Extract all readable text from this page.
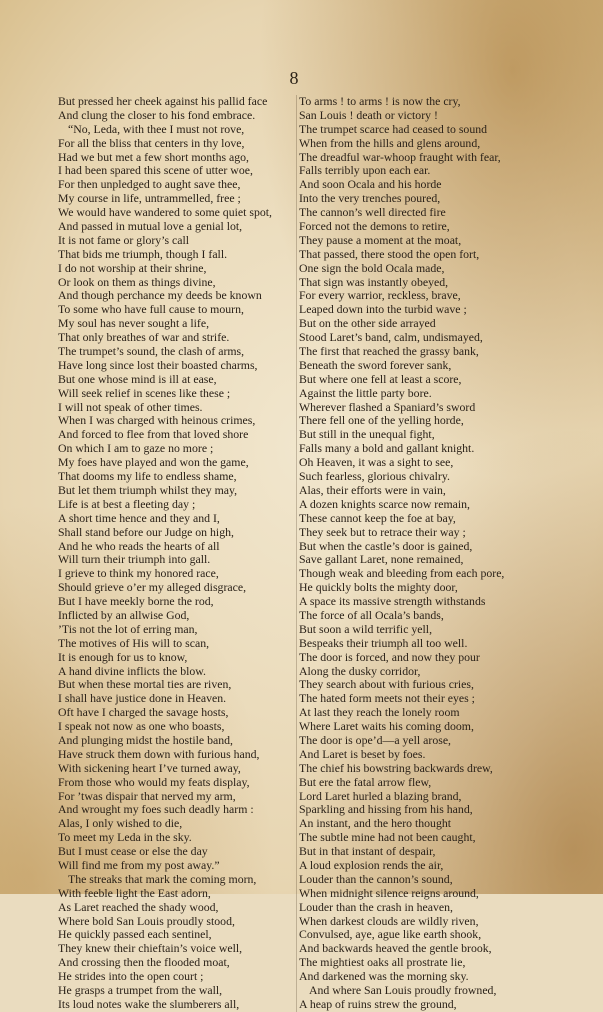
8
But pressed her cheek against his pallid face
And clung the closer to his fond embrace.
“No, Leda, with thee I must not rove,
For all the bliss that centers in thy love,
Had we but met a few short months ago,
I had been spared this scene of utter woe,
For then unpledged to aught save thee,
My course in life, untrammelled, free ;
We would have wandered to some quiet spot,
And passed in mutual love a genial lot,
It is not fame or glory’s call
That bids me triumph, though I fall.
I do not worship at their shrine,
Or look on them as things divine,
And though perchance my deeds be known
To some who have full cause to mourn,
My soul has never sought a life,
That only breathes of war and strife.
The trumpet’s sound, the clash of arms,
Have long since lost their boasted charms,
But one whose mind is ill at ease,
Will seek relief in scenes like these ;
I will not speak of other times.
When I was charged with heinous crimes,
And forced to flee from that loved shore
On which I am to gaze no more ;
My foes have played and won the game,
That dooms my life to endless shame,
But let them triumph whilst they may,
Life is at best a fleeting day ;
A short time hence and they and I,
Shall stand before our Judge on high,
And he who reads the hearts of all
Will turn their triumph into gall.
I grieve to think my honored race,
Should grieve o’er my alleged disgrace,
But I have meekly borne the rod,
Inflicted by an allwise God,
’Tis not the lot of erring man,
The motives of His will to scan,
It is enough for us to know,
A hand divine inflicts the blow.
But when these mortal ties are riven,
I shall have justice done in Heaven.
Oft have I charged the savage hosts,
I speak not now as one who boasts,
And plunging midst the hostile band,
Have struck them down with furious hand,
With sickening heart I’ve turned away,
From those who would my feats display,
For ’twas dispair that nerved my arm,
And wrought my foes such deadly harm :
Alas, I only wished to die,
To meet my Leda in the sky.
But I must cease or else the day
Will find me from my post away.”
The streaks that mark the coming morn,
With feeble light the East adorn,
As Laret reached the shady wood,
Where bold San Louis proudly stood,
He quickly passed each sentinel,
They knew their chieftain’s voice well,
And crossing then the flooded moat,
He strides into the open court ;
He grasps a trumpet from the wall,
Its loud notes wake the slumberers all,
To arms ! to arms ! is now the cry,
San Louis ! death or victory !
The trumpet scarce had ceased to sound
When from the hills and glens around,
The dreadful war-whoop fraught with fear,
Falls terribly upon each ear.
And soon Ocala and his horde
Into the very trenches poured,
The cannon’s well directed fire
Forced not the demons to retire,
They pause a moment at the moat,
That passed, there stood the open fort,
One sign the bold Ocala made,
That sign was instantly obeyed,
For every warrior, reckless, brave,
Leaped down into the turbid wave ;
But on the other side arrayed
Stood Laret’s band, calm, undismayed,
The first that reached the grassy bank,
Beneath the sword forever sank,
But where one fell at least a score,
Against the little party bore.
Wherever flashed a Spaniard’s sword
There fell one of the yelling horde,
But still in the unequal fight,
Falls many a bold and gallant knight.
Oh Heaven, it was a sight to see,
Such fearless, glorious chivalry.
Alas, their efforts were in vain,
A dozen knights scarce now remain,
These cannot keep the foe at bay,
They seek but to retrace their way ;
But when the castle’s door is gained,
Save gallant Laret, none remained,
Though weak and bleeding from each pore,
He quickly bolts the mighty door,
A space its massive strength withstands
The force of all Ocala’s bands,
But soon a wild terrific yell,
Bespeaks their triumph all too well.
The door is forced, and now they pour
Along the dusky corridor,
They search about with furious cries,
The hated form meets not their eyes ;
At last they reach the lonely room
Where Laret waits his coming doom,
The door is ope’d—a yell arose,
And Laret is beset by foes.
The chief his bowstring backwards drew,
But ere the fatal arrow flew,
Lord Laret hurled a blazing brand,
Sparkling and hissing from his hand,
An instant, and the hero thought
The subtle mine had not been caught,
But in that instant of despair,
A loud explosion rends the air,
Louder than the cannon’s sound,
When midnight silence reigns around,
Louder than the crash in heaven,
When darkest clouds are wildly riven,
Convulsed, aye, ague like earth shook,
And backwards heaved the gentle brook,
The mightiest oaks all prostrate lie,
And darkened was the morning sky.
And where San Louis proudly frowned,
A heap of ruins strew the ground,
